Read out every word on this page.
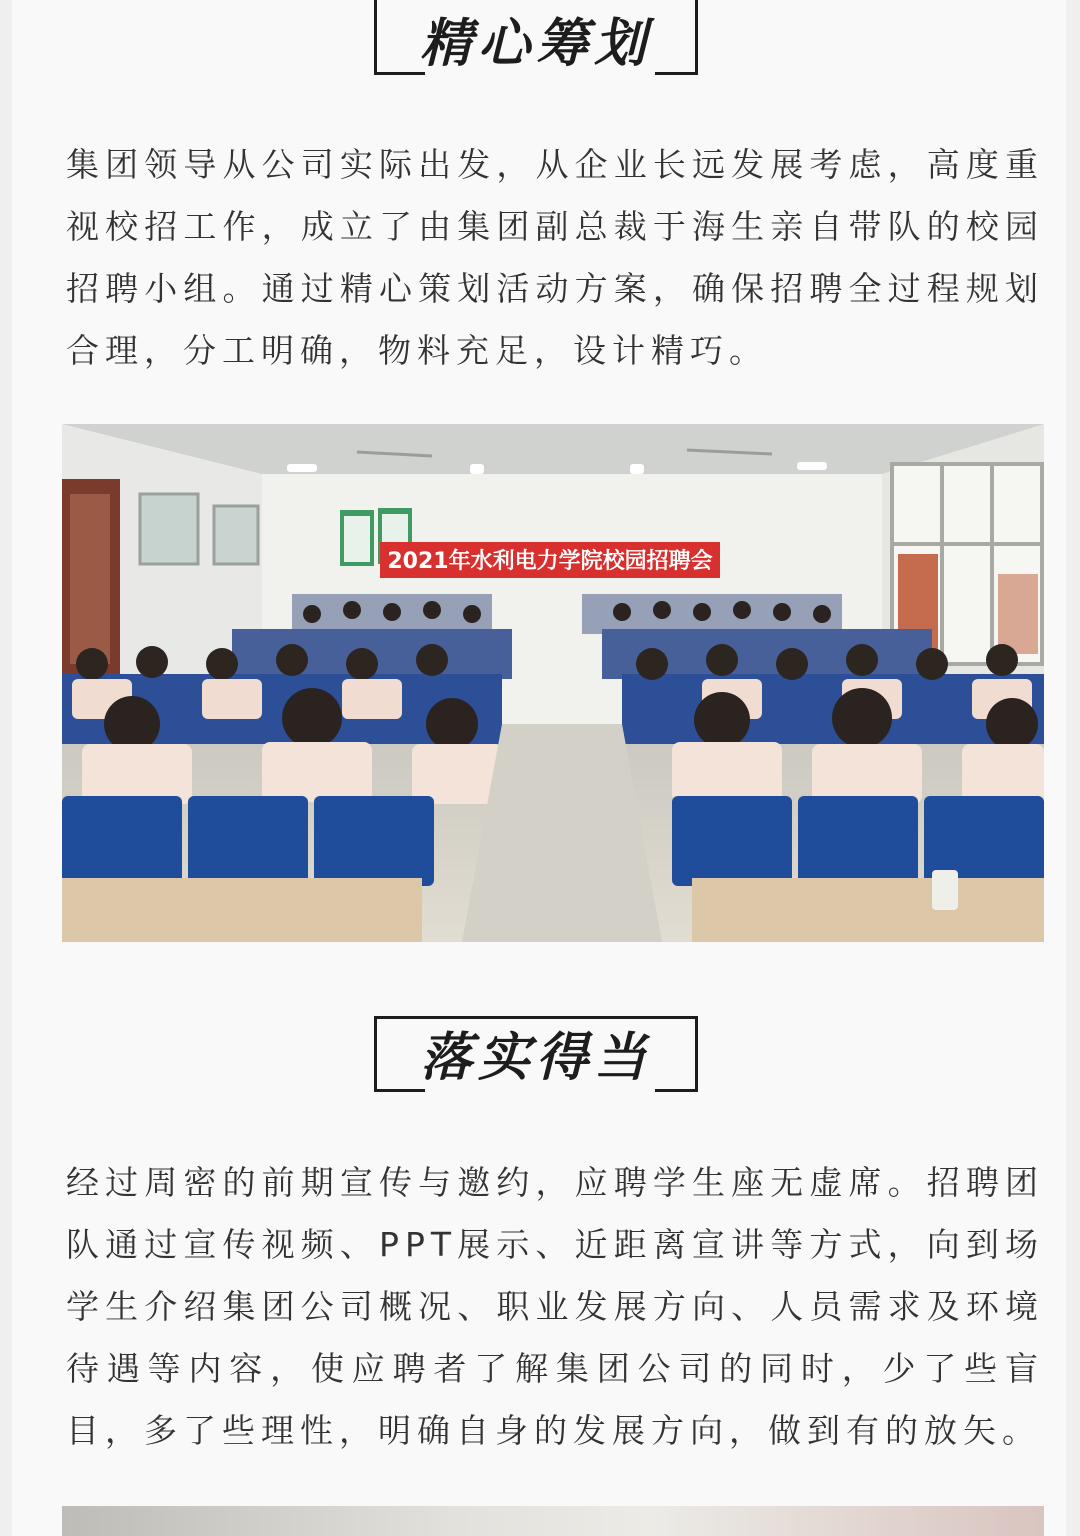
精心筹划

集团领导从公司实际出发，从企业长远发展考虑，高度重视校招工作，成立了由集团副总裁于海生亲自带队的校园招聘小组。通过精心策划活动方案，确保招聘全过程规划合理，分工明确，物料充足，设计精巧。

2021年水利电力学院校园招聘会
落实得当

经过周密的前期宣传与邀约，应聘学生座无虚席。招聘团队通过宣传视频、PPT展示、近距离宣讲等方式，向到场学生介绍集团公司概况、职业发展方向、人员需求及环境待遇等内容，使应聘者了解集团公司的同时，少了些盲目，多了些理性，明确自身的发展方向，做到有的放矢。
